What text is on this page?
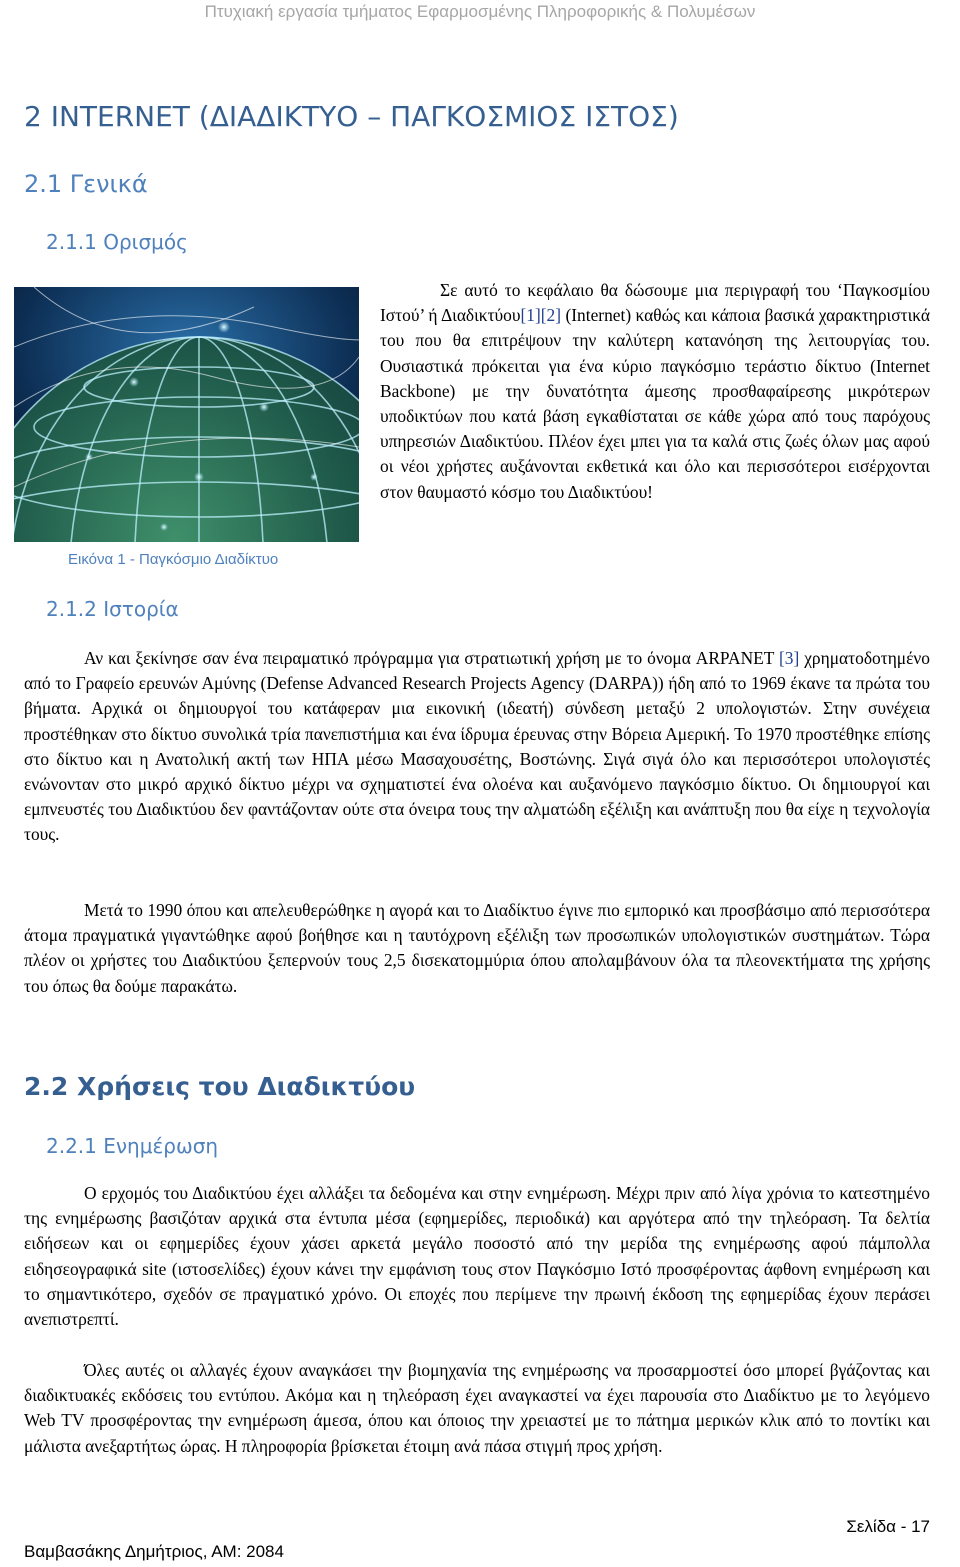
Πτυχιακή εργασία τμήματος Εφαρμοσμένης Πληροφορικής & Πολυμέσων
2 INTERNET (ΔΙΑΔΙΚΤΥΟ – ΠΑΓΚΟΣΜΙΟΣ ΙΣΤΟΣ)
2.1 Γενικά
2.1.1 Ορισμός
Εικόνα 1 - Παγκόσμιο Διαδίκτυο

Σε αυτό το κεφάλαιο θα δώσουμε μια περιγραφή του ‘Παγκοσμίου Ιστού’ ή Διαδικτύου[1][2] (Internet) καθώς και κάποια βασικά χαρακτηριστικά του που θα επιτρέψουν την καλύτερη κατανόηση της λειτουργίας του. Ουσιαστικά πρόκειται για ένα κύριο παγκόσμιο τεράστιο δίκτυο (Internet Backbone) με την δυνατότητα άμεσης προσθαφαίρεσης μικρότερων υποδικτύων που κατά βάση εγκαθίσταται σε κάθε χώρα από τους παρόχους υπηρεσιών Διαδικτύου. Πλέον έχει μπει για τα καλά στις ζωές όλων μας αφού οι νέοι χρήστες αυξάνονται εκθετικά και όλο και περισσότεροι εισέρχονται στον θαυμαστό κόσμο του Διαδικτύου!

2.1.2 Ιστορία

Αν και ξεκίνησε σαν ένα πειραματικό πρόγραμμα για στρατιωτική χρήση με το όνομα ARPANET [3] χρηματοδοτημένο από το Γραφείο ερευνών Αμύνης (Defense Advanced Research Projects Agency (DARPA)) ήδη από το 1969 έκανε τα πρώτα του βήματα. Αρχικά οι δημιουργοί του κατάφεραν μια εικονική (ιδεατή) σύνδεση μεταξύ 2 υπολογιστών. Στην συνέχεια προστέθηκαν στο δίκτυο συνολικά τρία πανεπιστήμια και ένα ίδρυμα έρευνας στην Βόρεια Αμερική. Το 1970 προστέθηκε επίσης στο δίκτυο και η Ανατολική ακτή των ΗΠΑ μέσω Μασαχουσέτης, Βοστώνης. Σιγά σιγά όλο και περισσότεροι υπολογιστές ενώνονταν στο μικρό αρχικό δίκτυο μέχρι να σχηματιστεί ένα ολοένα και αυξανόμενο παγκόσμιο δίκτυο. Οι δημιουργοί και εμπνευστές του Διαδικτύου δεν φαντάζονταν ούτε στα όνειρα τους την αλματώδη εξέλιξη και ανάπτυξη που θα είχε η τεχνολογία τους.

Μετά το 1990 όπου και απελευθερώθηκε η αγορά και το Διαδίκτυο έγινε πιο εμπορικό και προσβάσιμο από περισσότερα άτομα πραγματικά γιγαντώθηκε αφού βοήθησε και η ταυτόχρονη εξέλιξη των προσωπικών υπολογιστικών συστημάτων. Τώρα πλέον οι χρήστες του Διαδικτύου ξεπερνούν τους 2,5 δισεκατομμύρια όπου απολαμβάνουν όλα τα πλεονεκτήματα της χρήσης του όπως θα δούμε παρακάτω.

2.2 Χρήσεις του Διαδικτύου
2.2.1 Ενημέρωση

Ο ερχομός του Διαδικτύου έχει αλλάξει τα δεδομένα και στην ενημέρωση. Μέχρι πριν από λίγα χρόνια το κατεστημένο της ενημέρωσης βασιζόταν αρχικά στα έντυπα μέσα (εφημερίδες, περιοδικά) και αργότερα από την τηλεόραση. Τα δελτία ειδήσεων και οι εφημερίδες έχουν χάσει αρκετά μεγάλο ποσοστό από την μερίδα της ενημέρωσης αφού πάμπολλα ειδησεογραφικά site (ιστοσελίδες) έχουν κάνει την εμφάνιση τους στον Παγκόσμιο Ιστό προσφέροντας άφθονη ενημέρωση και το σημαντικότερο, σχεδόν σε πραγματικό χρόνο. Οι εποχές που περίμενε την πρωινή έκδοση της εφημερίδας έχουν περάσει ανεπιστρεπτί.

Όλες αυτές οι αλλαγές έχουν αναγκάσει την βιομηχανία της ενημέρωσης να προσαρμοστεί όσο μπορεί βγάζοντας και διαδικτυακές εκδόσεις του εντύπου. Ακόμα και η τηλεόραση έχει αναγκαστεί να έχει παρουσία στο Διαδίκτυο με το λεγόμενο Web TV προσφέροντας την ενημέρωση άμεσα, όπου και όποιος την χρειαστεί με το πάτημα μερικών κλικ από το ποντίκι και μάλιστα ανεξαρτήτως ώρας. Η πληροφορία βρίσκεται έτοιμη ανά πάσα στιγμή προς χρήση.

Σελίδα - 17
Βαμβασάκης Δημήτριος, ΑΜ: 2084
